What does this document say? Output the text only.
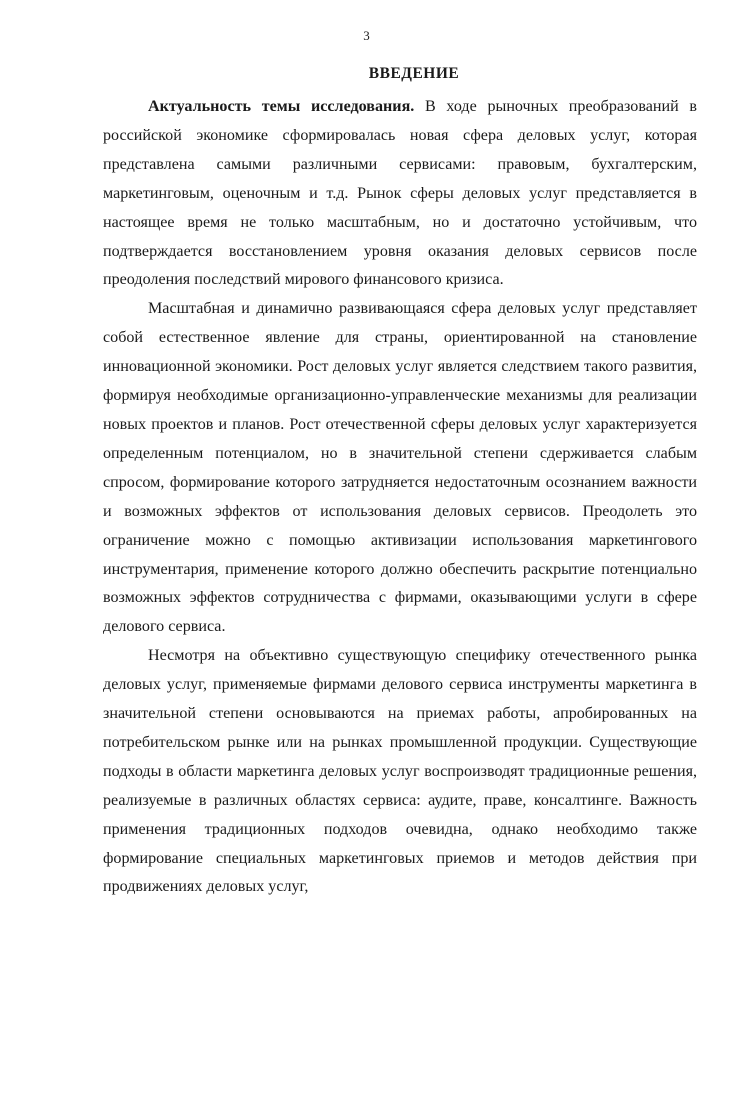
3
ВВЕДЕНИЕ

Актуальность темы исследования. В ходе рыночных преобразований в российской экономике сформировалась новая сфера деловых услуг, которая представлена самыми различными сервисами: правовым, бухгалтерским, маркетинговым, оценочным и т.д. Рынок сферы деловых услуг представляется в настоящее время не только масштабным, но и достаточно устойчивым, что подтверждается восстановлением уровня оказания деловых сервисов после преодоления последствий мирового финансового кризиса.

Масштабная и динамично развивающаяся сфера деловых услуг представляет собой естественное явление для страны, ориентированной на становление инновационной экономики. Рост деловых услуг является следствием такого развития, формируя необходимые организационно-управленческие механизмы для реализации новых проектов и планов. Рост отечественной сферы деловых услуг характеризуется определенным потенциалом, но в значительной степени сдерживается слабым спросом, формирование которого затрудняется недостаточным осознанием важности и возможных эффектов от использования деловых сервисов. Преодолеть это ограничение можно с помощью активизации использования маркетингового инструментария, применение которого должно обеспечить раскрытие потенциально возможных эффектов сотрудничества с фирмами, оказывающими услуги в сфере делового сервиса.

Несмотря на объективно существующую специфику отечественного рынка деловых услуг, применяемые фирмами делового сервиса инструменты маркетинга в значительной степени основываются на приемах работы, апробированных на потребительском рынке или на рынках промышленной продукции. Существующие подходы в области маркетинга деловых услуг воспроизводят традиционные решения, реализуемые в различных областях сервиса: аудите, праве, консалтинге. Важность применения традиционных подходов очевидна, однако необходимо также формирование специальных маркетинговых приемов и методов действия при продвижениях деловых услуг,
